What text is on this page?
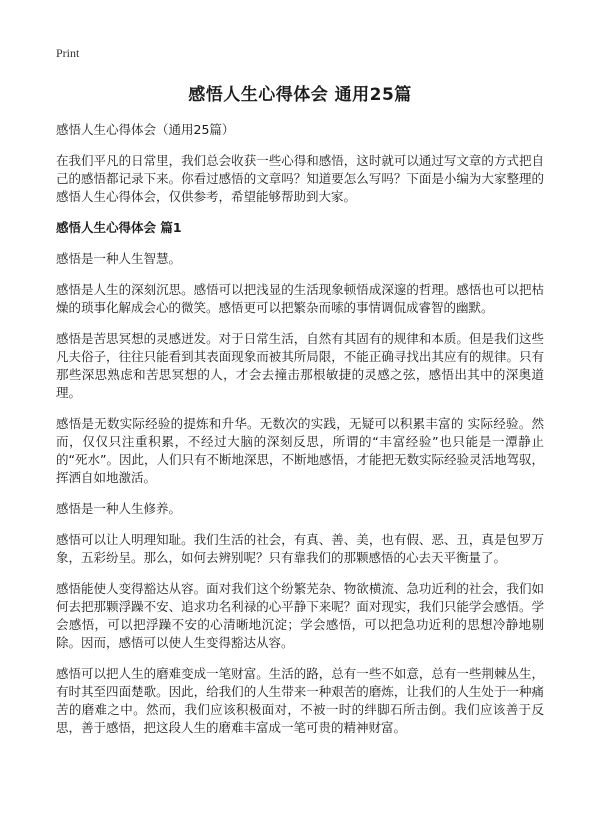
Print
感悟人生心得体会 通用25篇

感悟人生心得体会（通用25篇）

在我们平凡的日常里，我们总会收获一些心得和感悟，这时就可以通过写文章的方式把自己的感悟都记录下来。你看过感悟的文章吗？知道要怎么写吗？下面是小编为大家整理的感悟人生心得体会，仅供参考，希望能够帮助到大家。

感悟人生心得体会 篇1

感悟是一种人生智慧。

感悟是人生的深刻沉思。感悟可以把浅显的生活现象顿悟成深邃的哲理。感悟也可以把枯燥的琐事化解成会心的微笑。感悟更可以把繁杂而嗦的事情调侃成睿智的幽默。

感悟是苦思冥想的灵感迸发。对于日常生活，自然有其固有的规律和本质。但是我们这些凡夫俗子，往往只能看到其表面现象而被其所局限，不能正确寻找出其应有的规律。只有那些深思熟虑和苦思冥想的人，才会去撞击那根敏捷的灵感之弦，感悟出其中的深奥道理。

感悟是无数实际经验的提炼和升华。无数次的实践，无疑可以积累丰富的 实际经验。然而，仅仅只注重积累，不经过大脑的深刻反思，所谓的“丰富经验”也只能是一潭静止的“死水”。因此，人们只有不断地深思，不断地感悟，才能把无数实际经验灵活地驾驭，挥洒自如地激活。

感悟是一种人生修养。

感悟可以让人明理知耻。我们生活的社会，有真、善、美，也有假、恶、丑，真是包罗万象，五彩纷呈。那么，如何去辨别呢？只有靠我们的那颗感悟的心去天平衡量了。

感悟能使人变得豁达从容。面对我们这个纷繁芜杂、物欲横流、急功近利的社会，我们如何去把那颗浮躁不安、追求功名利禄的心平静下来呢？面对现实，我们只能学会感悟。学会感悟，可以把浮躁不安的心清晰地沉淀；学会感悟，可以把急功近利的思想冷静地剔除。因而，感悟可以使人生变得豁达从容。

感悟可以把人生的磨难变成一笔财富。生活的路，总有一些不如意，总有一些荆棘丛生，有时其至四面楚歌。因此，给我们的人生带来一种艰苦的磨炼，让我们的人生处于一种痛苦的磨难之中。然而，我们应该积极面对，不被一时的绊脚石所击倒。我们应该善于反思，善于感悟，把这段人生的磨难丰富成一笔可贵的精神财富。
